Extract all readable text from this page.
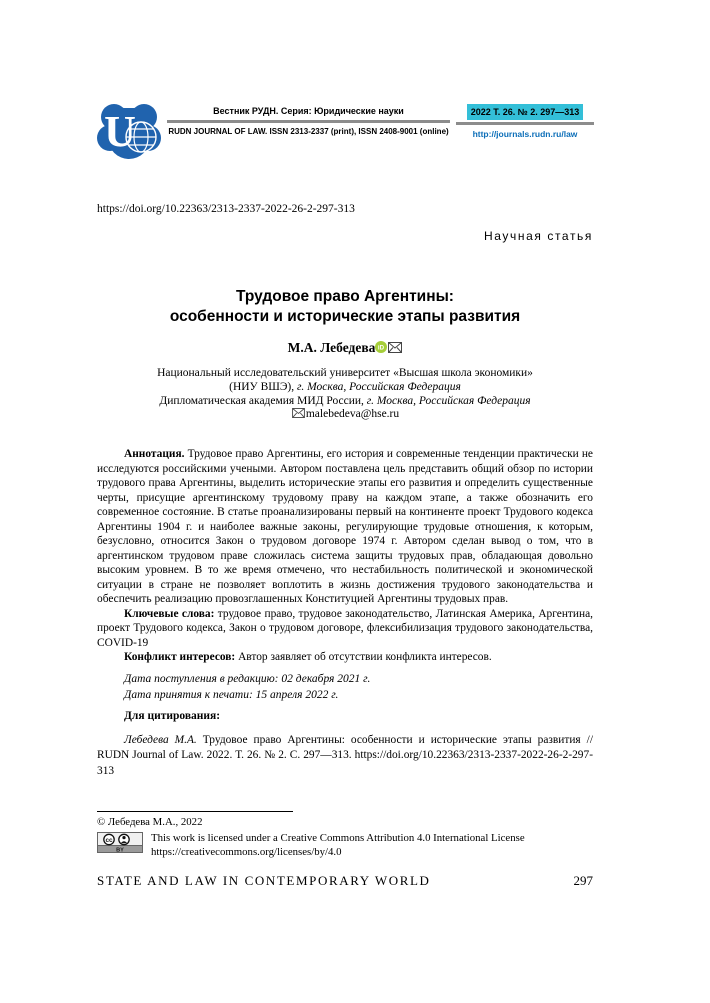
U	Вестник РУДН. Серия: Юридические науки
RUDN JOURNAL OF LAW. ISSN 2313-2337 (print), ISSN 2408-9001 (online)
2022 Т. 26. № 2. 297—313
http://journals.rudn.ru/law
https://doi.org/10.22363/2313-2337-2022-26-2-297-313
Научная статья
Трудовое право Аргентины:
особенности и исторические этапы развития
М.А. Лебедева iD
Национальный исследовательский университет «Высшая школа экономики»
(НИУ ВШЭ), г. Москва, Российская Федерация
Дипломатическая академия МИД России, г. Москва, Российская Федерация
malebedeva@hse.ru

Аннотация. Трудовое право Аргентины, его история и современные тенденции практически не исследуются российскими учеными. Автором поставлена цель представить общий обзор по истории трудового права Аргентины, выделить исторические этапы его развития и определить существенные черты, присущие аргентинскому трудовому праву на каждом этапе, а также обозначить его современное состояние. В статье проанализированы первый на континенте проект Трудового кодекса Аргентины 1904 г. и наиболее важные законы, регулирующие трудовые отношения, к которым, безусловно, относится Закон о трудовом договоре 1974 г. Автором сделан вывод о том, что в аргентинском трудовом праве сложилась система защиты трудовых прав, обладающая довольно высоким уровнем. В то же время отмечено, что нестабильность политической и экономической ситуации в стране не позволяет воплотить в жизнь достижения трудового законодательства и обеспечить реализацию провозглашенных Конституцией Аргентины трудовых прав.

Ключевые слова: трудовое право, трудовое законодательство, Латинская Америка, Аргентина, проект Трудового кодекса, Закон о трудовом договоре, флексибилизация трудового законодательства, COVID-19

Конфликт интересов: Автор заявляет об отсутствии конфликта интересов.

Дата поступления в редакцию: 02 декабря 2021 г.
Дата принятия к печати: 15 апреля 2022 г.
Для цитирования:
Лебедева М.А. Трудовое право Аргентины: особенности и исторические этапы развития // RUDN Journal of Law. 2022. Т. 26. № 2. С. 297—313. https://doi.org/10.22363/2313-2337-2022-26-2-297-313
© Лебедева М.А., 2022
cc
BY
This work is licensed under a Creative Commons Attribution 4.0 International License
https://creativecommons.org/licenses/by/4.0
STATE AND LAW IN CONTEMPORARY WORLD	297
